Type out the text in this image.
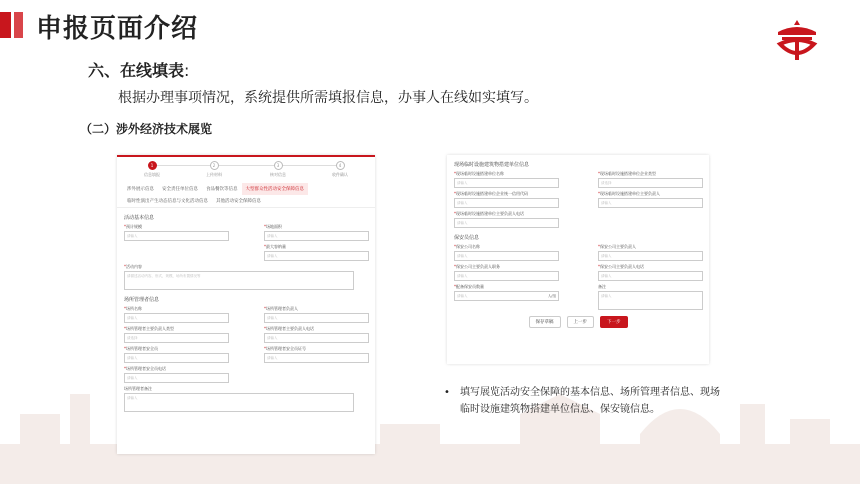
申报页面介绍
六、在线填表:
根据办理事项情况，系统提供所需填报信息，办事人在线如实填写。
（二）涉外经济技术展览
1
信息填报
2
上传材料
3
核对信息
4
收件确认
涉外展示信息	安全责任单位信息	食品餐饮等信息	大型群众性活动安全保障信息
临时性演出产生动态信息与文化活动信息	其他活动安全保障信息
活动基本信息
*预计规模
请输入
*场地面积
请输入
*最大容纳量
请输入
*活动内容
请描述活动内容，形式，规模，场所布置情况等
场所管理者信息
*场所名称
请输入
*场所管理者负责人
请输入
*场所管理者主要负责人类型
请选择
*场所管理者主要负责人电话
请输入
*场所管理者安全员
请输入
*场所管理者安全员证号
请输入
*场所管理者安全员电话
请输入
场所管理者备注
请输入
现场临时设施建筑物搭建单位信息
*现场临时设施搭建单位名称
请输入
*现场临时设施搭建单位企业类型
请选择
*现场临时设施搭建单位企业统一信用代码
请输入
*现场临时设施搭建单位主要负责人
请输入
*现场临时设施搭建单位主要负责人电话
请输入
保安员信息
*保安公司名称
请输入
*保安公司主要负责人
请输入
*保安公司主要负责人职务
请输入
*保安公司主要负责人电话
请输入
*配备保安员数量
请输入	人/组
备注
请输入
保存草稿	上一步	下一步
•	填写展览活动安全保障的基本信息、场所管理者信息、现场临时设施建筑物搭建单位信息、保安镜信息。
